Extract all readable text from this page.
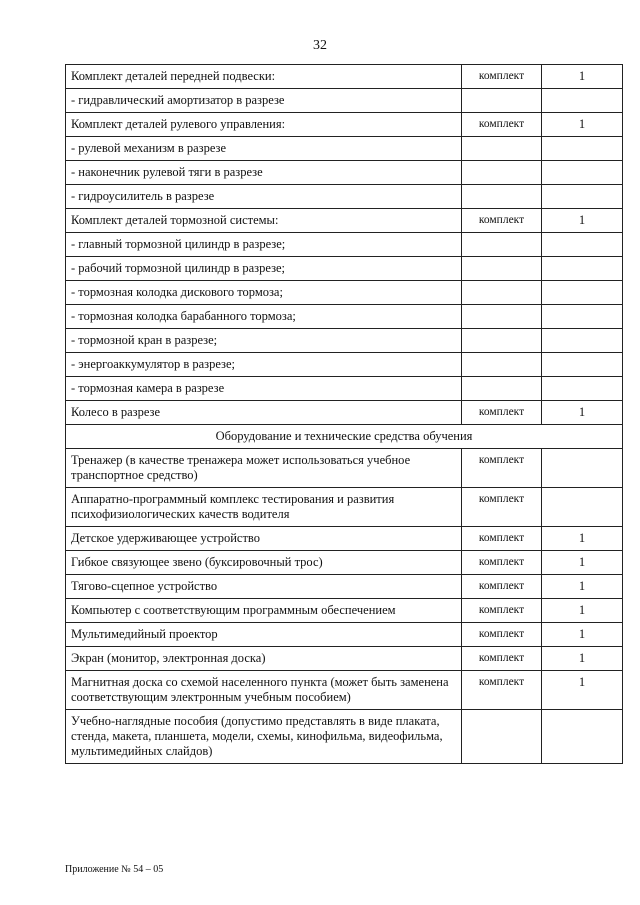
32
Комплект деталей передней подвески:	комплект	1
- гидравлический амортизатор в разрезе		
Комплект деталей рулевого управления:	комплект	1
- рулевой механизм в разрезе		
- наконечник рулевой тяги в разрезе		
- гидроусилитель в разрезе		
Комплект деталей тормозной системы:	комплект	1
- главный тормозной цилиндр в разрезе;		
- рабочий тормозной цилиндр в разрезе;		
- тормозная колодка дискового тормоза;		
- тормозная колодка барабанного тормоза;		
- тормозной кран в разрезе;		
- энергоаккумулятор в разрезе;		
- тормозная камера в разрезе		
Колесо в разрезе	комплект	1
Оборудование и технические средства обучения		
Тренажер (в качестве тренажера может использоваться учебное транспортное средство)	комплект	
Аппаратно-программный комплекс тестирования и развития психофизиологических качеств водителя	комплект	
Детское удерживающее устройство	комплект	1
Гибкое связующее звено (буксировочный трос)	комплект	1
Тягово-сцепное устройство	комплект	1
Компьютер с соответствующим программным обеспечением	комплект	1
Мультимедийный проектор	комплект	1
Экран (монитор, электронная доска)	комплект	1
Магнитная доска со схемой населенного пункта (может быть заменена соответствующим электронным учебным пособием)	комплект	1
Учебно-наглядные пособия (допустимо представлять в виде плаката, стенда, макета, планшета, модели, схемы, кинофильма, видеофильма, мультимедийных слайдов)		
Приложение № 54 – 05
